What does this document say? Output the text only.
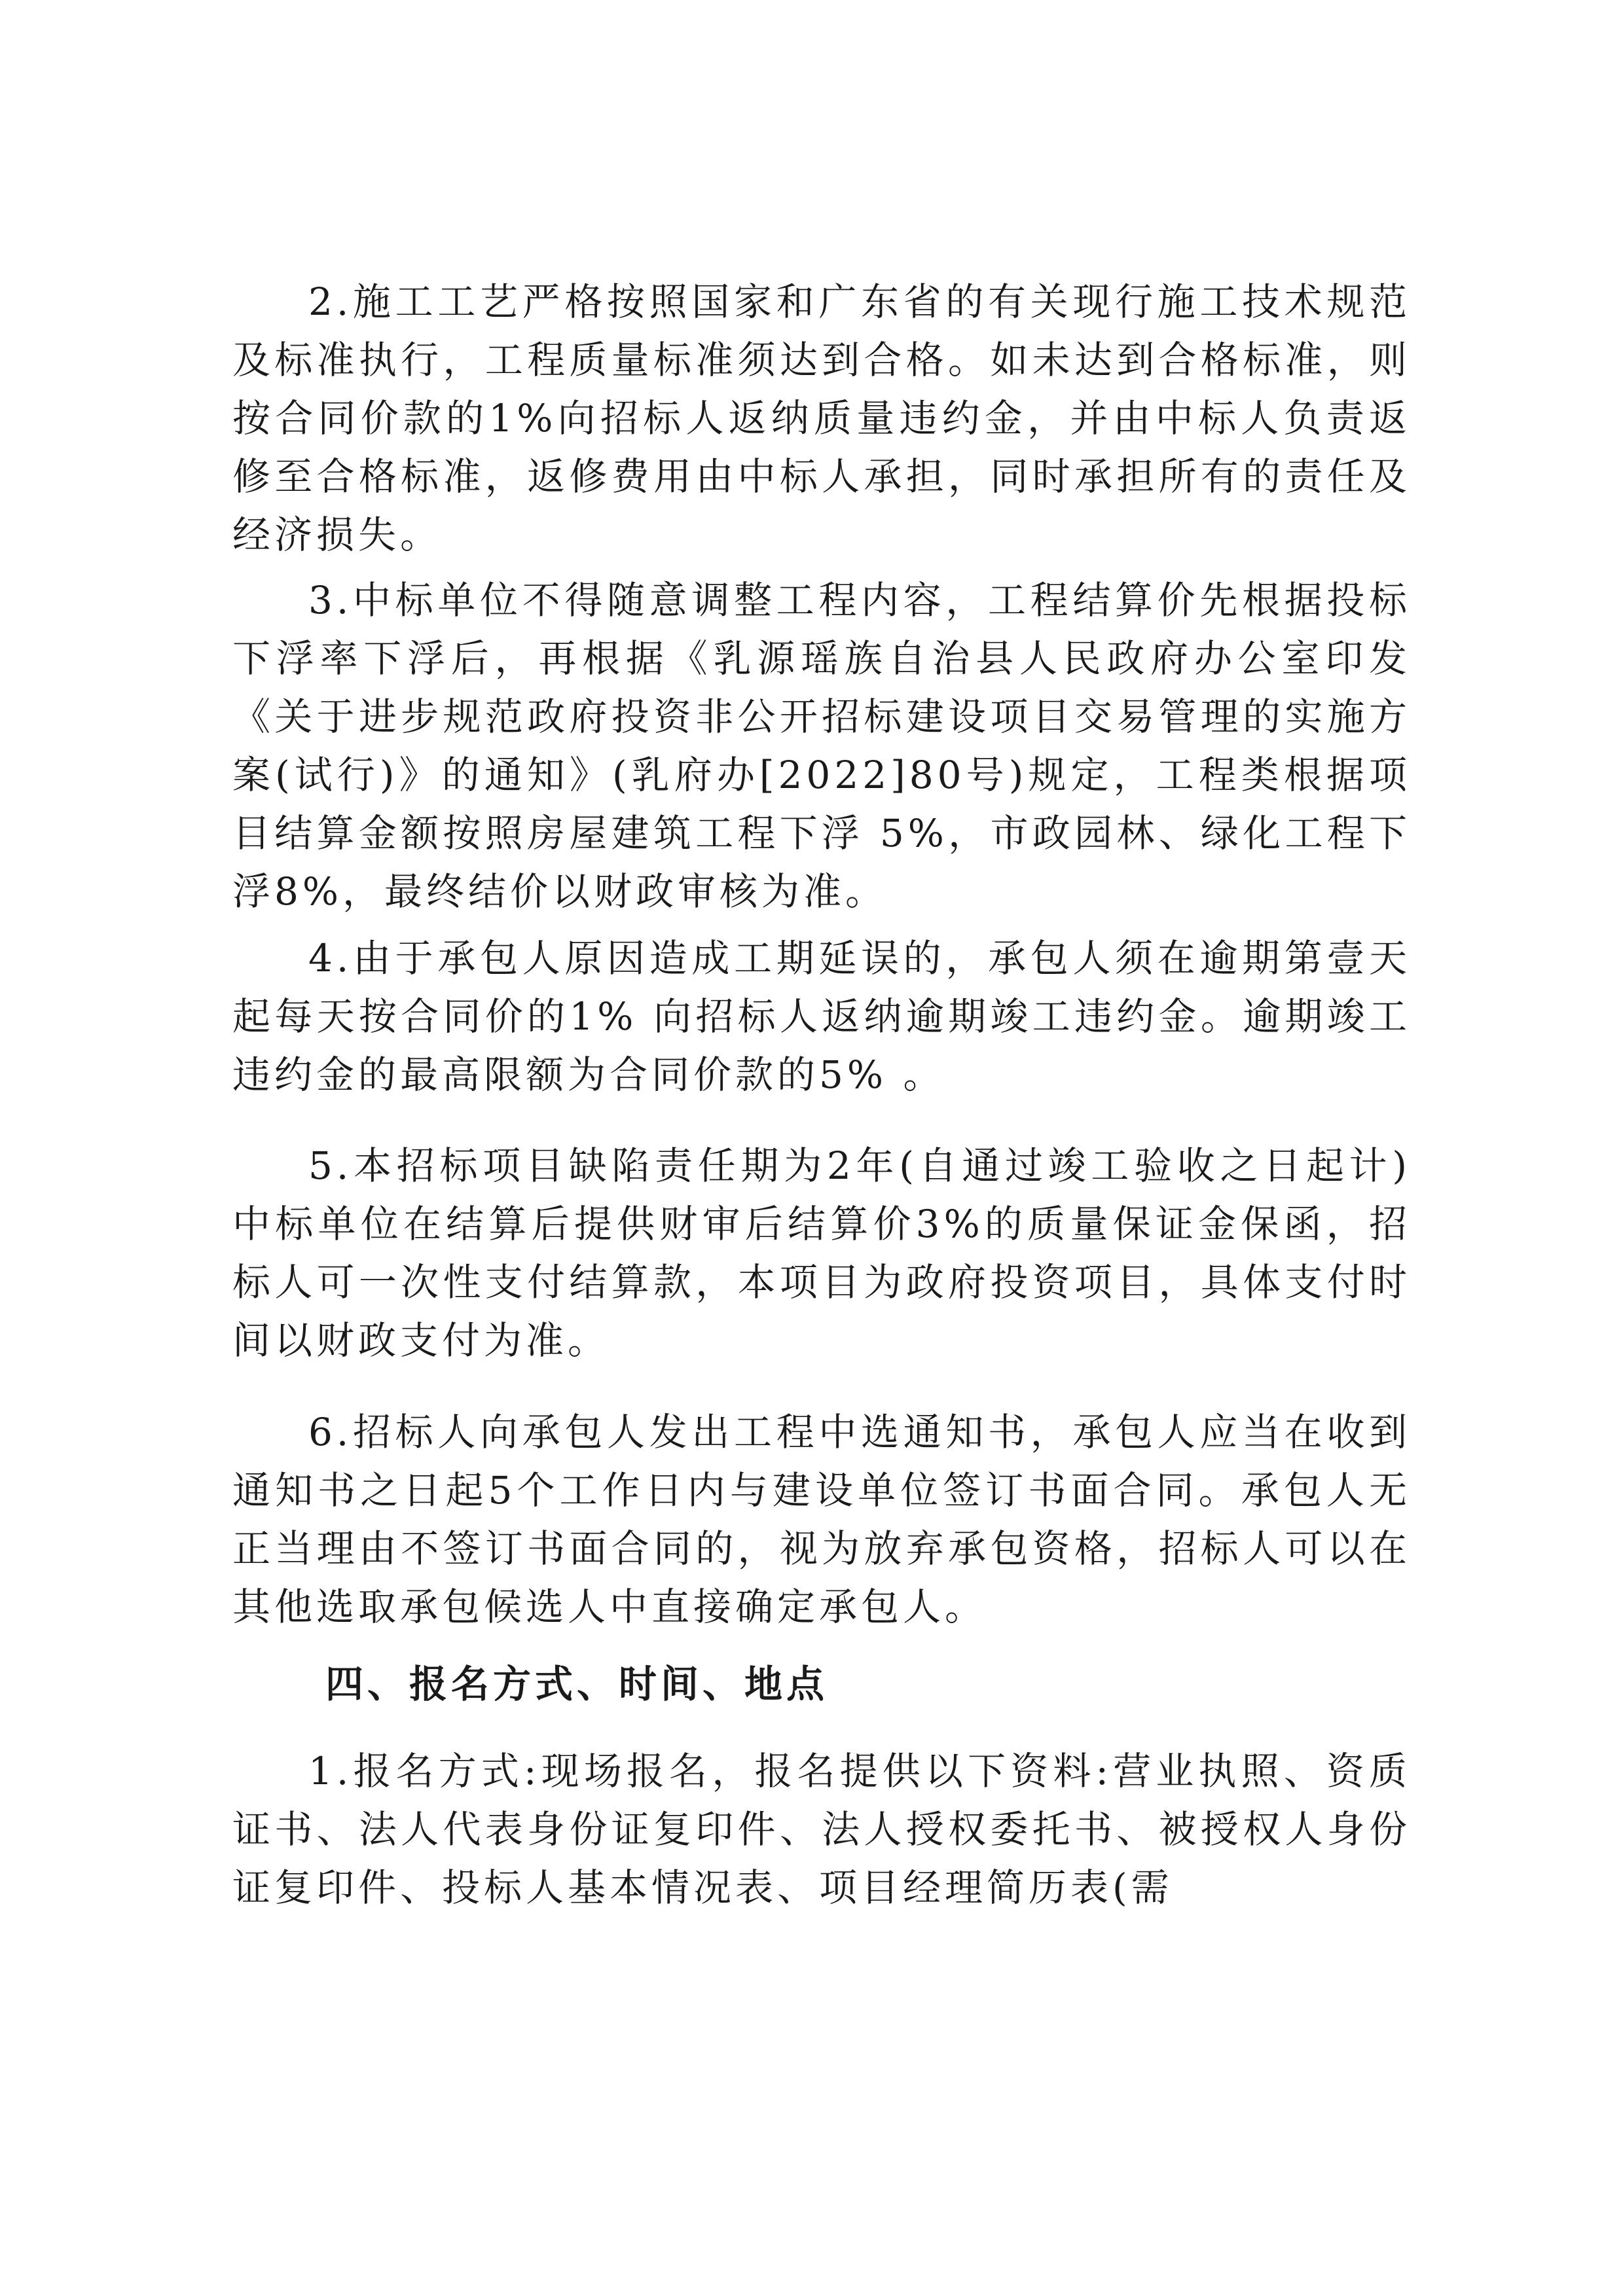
2.施工工艺严格按照国家和广东省的有关现行施工技术规范及标准执行，工程质量标准须达到合格。如未达到合格标准，则按合同价款的1%向招标人返纳质量违约金，并由中标人负责返修至合格标准，返修费用由中标人承担，同时承担所有的责任及经济损失。

3.中标单位不得随意调整工程内容，工程结算价先根据投标下浮率下浮后，再根据《乳源瑶族自治县人民政府办公室印发《关于进步规范政府投资非公开招标建设项目交易管理的实施方案(试行)》的通知》(乳府办[2022]80号)规定，工程类根据项目结算金额按照房屋建筑工程下浮 5%，市政园林、绿化工程下浮8%，最终结价以财政审核为准。

4.由于承包人原因造成工期延误的，承包人须在逾期第壹天起每天按合同价的1% 向招标人返纳逾期竣工违约金。逾期竣工违约金的最高限额为合同价款的5% 。

5.本招标项目缺陷责任期为2年(自通过竣工验收之日起计)中标单位在结算后提供财审后结算价3%的质量保证金保函，招标人可一次性支付结算款，本项目为政府投资项目，具体支付时间以财政支付为准。

6.招标人向承包人发出工程中选通知书，承包人应当在收到通知书之日起5个工作日内与建设单位签订书面合同。承包人无正当理由不签订书面合同的，视为放弃承包资格，招标人可以在其他选取承包候选人中直接确定承包人。

四、报名方式、时间、地点

1.报名方式:现场报名，报名提供以下资料:营业执照、资质证书、法人代表身份证复印件、法人授权委托书、被授权人身份证复印件、投标人基本情况表、项目经理简历表(需
